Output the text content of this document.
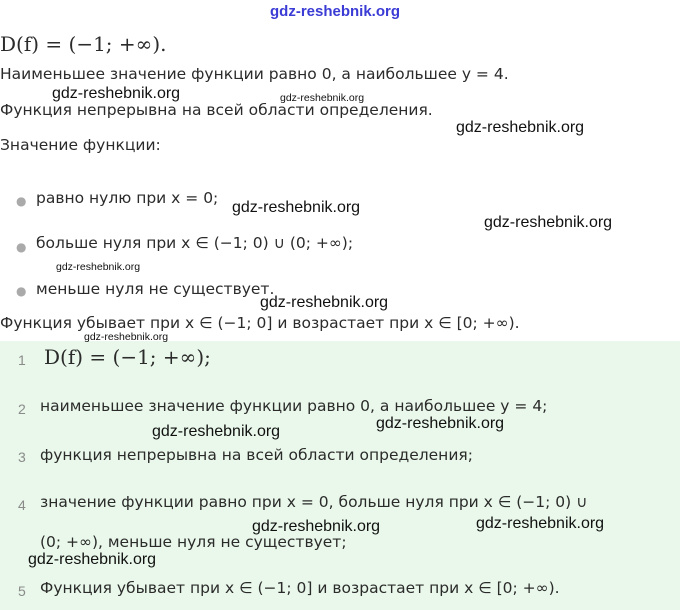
gdz-reshebnik.org
D(f) = (−1; +∞).
Наименьшее значение функции равно 0, а наибольшее y = 4.
Функция непрерывна на всей области определения.
Значение функции:
● равно нулю при x = 0;
● больше нуля при x ∈ (−1; 0) ∪ (0; +∞);
● меньше нуля не существует.
Функция убывает при x ∈ (−1; 0] и возрастает при x ∈ [0; +∞).
1 D(f) = (−1; +∞);
2 наименьшее значение функции равно 0, а наибольшее y = 4;
3 функция непрерывна на всей области определения;
4 значение функции равно при x = 0, больше нуля при x ∈ (−1; 0) ∪
(0; +∞), меньше нуля не существует;
5 Функция убывает при x ∈ (−1; 0] и возрастает при x ∈ [0; +∞).
gdz-reshebnik.org	gdz-reshebnik.org
gdz-reshebnik.org
gdz-reshebnik.org
gdz-reshebnik.org
gdz-reshebnik.org
gdz-reshebnik.org
gdz-reshebnik.org
gdz-reshebnik.org
gdz-reshebnik.org
gdz-reshebnik.org	gdz-reshebnik.org
gdz-reshebnik.org
